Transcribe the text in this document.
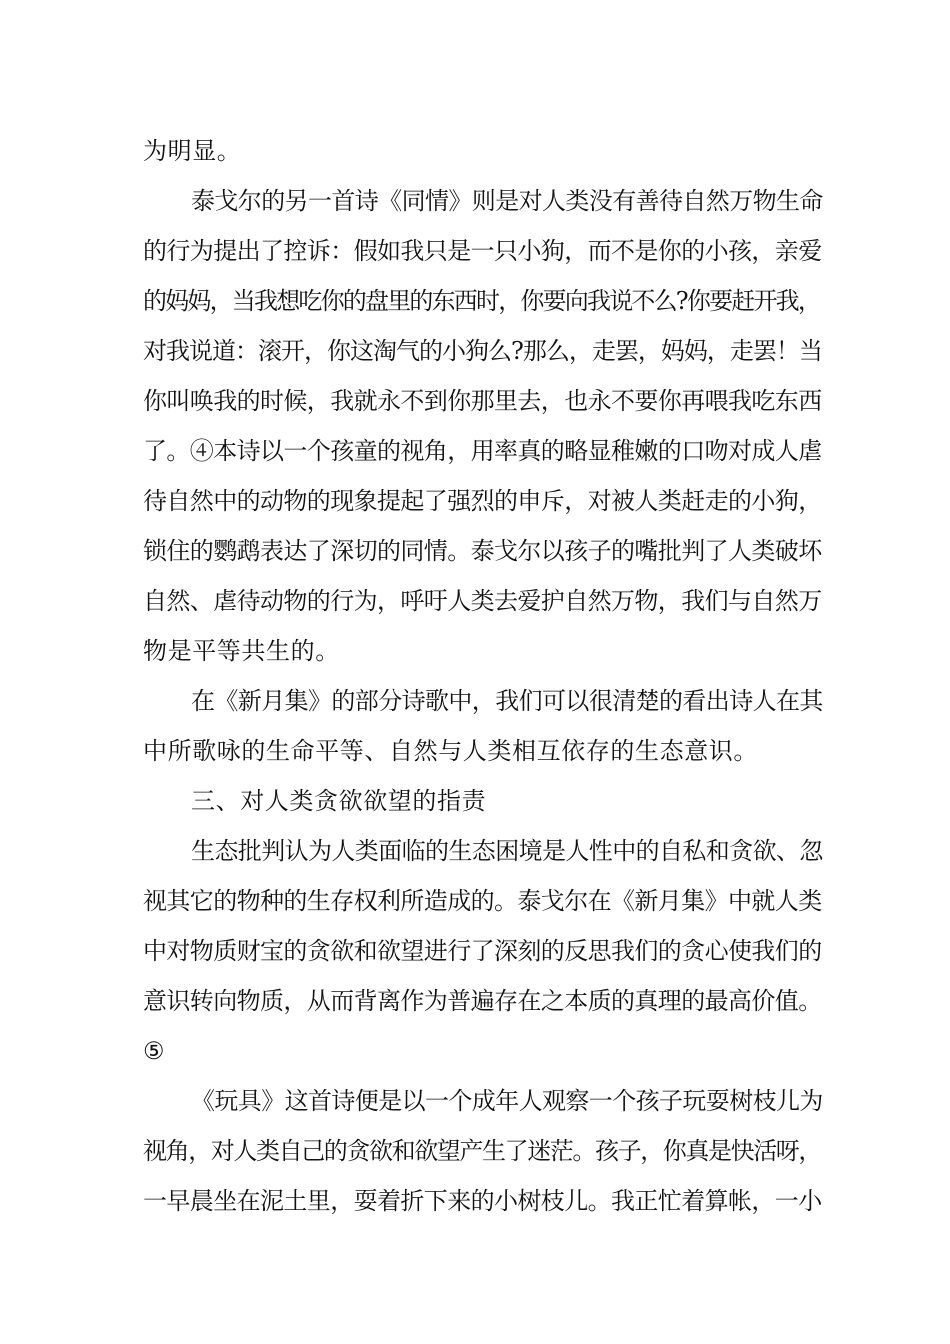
为明显。
泰戈尔的另一首诗《同情》则是对人类没有善待自然万物生命
的行为提出了控诉：假如我只是一只小狗，而不是你的小孩，亲爱
的妈妈，当我想吃你的盘里的东西时，你要向我说不么?你要赶开我，
对我说道：滚开，你这淘气的小狗么?那么，走罢，妈妈，走罢！当
你叫唤我的时候，我就永不到你那里去，也永不要你再喂我吃东西
了。④本诗以一个孩童的视角，用率真的略显稚嫩的口吻对成人虐
待自然中的动物的现象提起了强烈的申斥，对被人类赶走的小狗，
锁住的鹦鹉表达了深切的同情。泰戈尔以孩子的嘴批判了人类破坏
自然、虐待动物的行为，呼吁人类去爱护自然万物，我们与自然万
物是平等共生的。
在《新月集》的部分诗歌中，我们可以很清楚的看出诗人在其
中所歌咏的生命平等、自然与人类相互依存的生态意识。
三、对人类贪欲欲望的指责
生态批判认为人类面临的生态困境是人性中的自私和贪欲、忽
视其它的物种的生存权利所造成的。泰戈尔在《新月集》中就人类
中对物质财宝的贪欲和欲望进行了深刻的反思我们的贪心使我们的
意识转向物质，从而背离作为普遍存在之本质的真理的最高价值。
⑤
《玩具》这首诗便是以一个成年人观察一个孩子玩耍树枝儿为
视角，对人类自己的贪欲和欲望产生了迷茫。孩子，你真是快活呀，
一早晨坐在泥土里，耍着折下来的小树枝儿。我正忙着算帐，一小
